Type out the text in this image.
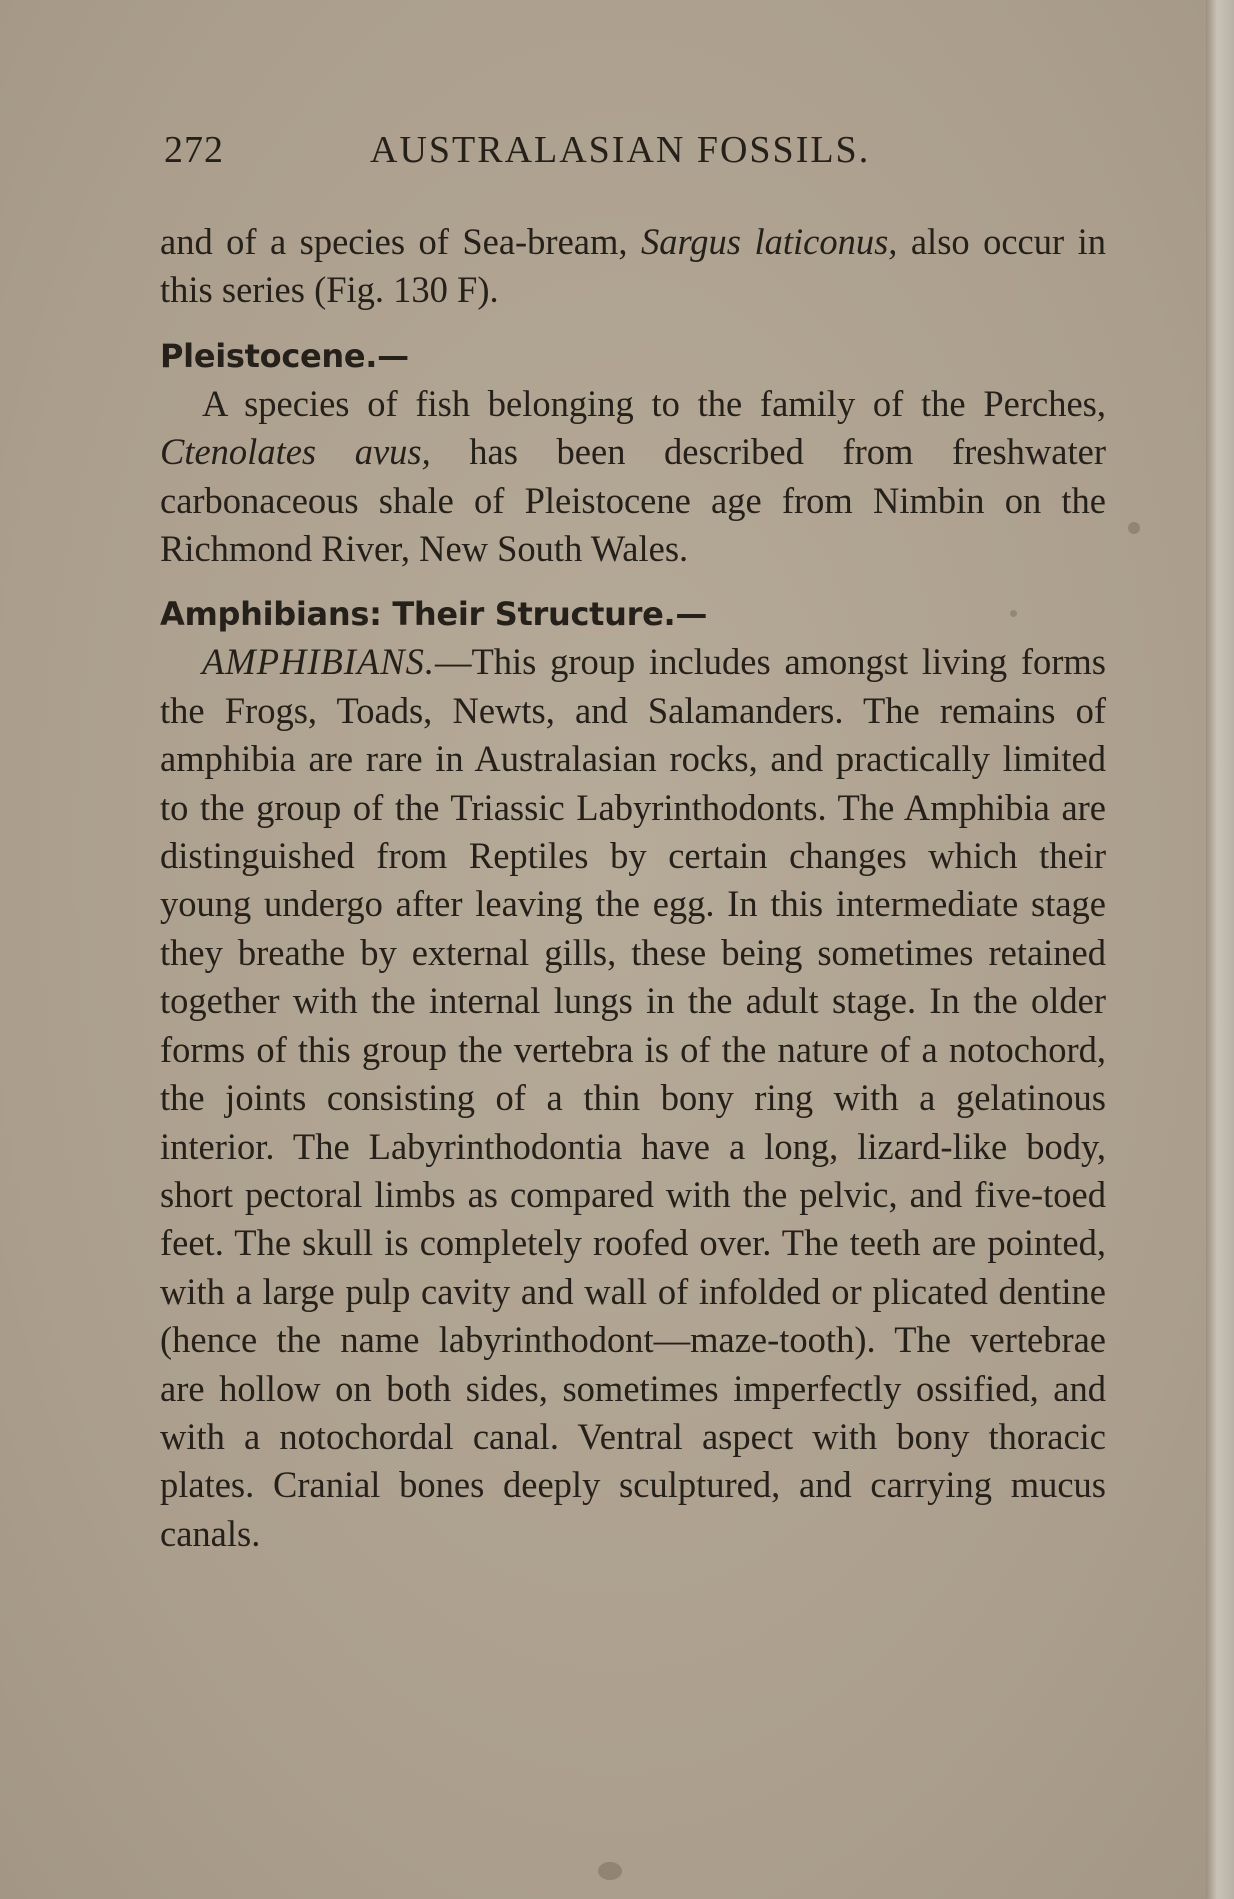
272	AUSTRALASIAN FOSSILS.

and of a species of Sea-bream, Sargus laticonus, also occur in this series (Fig. 130 F).

Pleistocene.—

A species of fish belonging to the family of the Perches, Ctenolates avus, has been described from freshwater carbonaceous shale of Pleistocene age from Nimbin on the Richmond River, New South Wales.

Amphibians: Their Structure.—

AMPHIBIANS.—This group includes amongst living forms the Frogs, Toads, Newts, and Salamanders. The remains of amphibia are rare in Australasian rocks, and practically limited to the group of the Triassic Labyrinthodonts. The Amphibia are distinguished from Reptiles by certain changes which their young undergo after leaving the egg. In this intermediate stage they breathe by external gills, these being sometimes retained together with the internal lungs in the adult stage. In the older forms of this group the vertebra is of the nature of a notochord, the joints consisting of a thin bony ring with a gelatinous interior. The Labyrinthodontia have a long, lizard-like body, short pectoral limbs as compared with the pelvic, and five-toed feet. The skull is completely roofed over. The teeth are pointed, with a large pulp cavity and wall of infolded or plicated dentine (hence the name labyrinthodont—maze-tooth). The vertebrae are hollow on both sides, sometimes imperfectly ossified, and with a notochordal canal. Ventral aspect with bony thoracic plates. Cranial bones deeply sculptured, and carrying mucus canals.
